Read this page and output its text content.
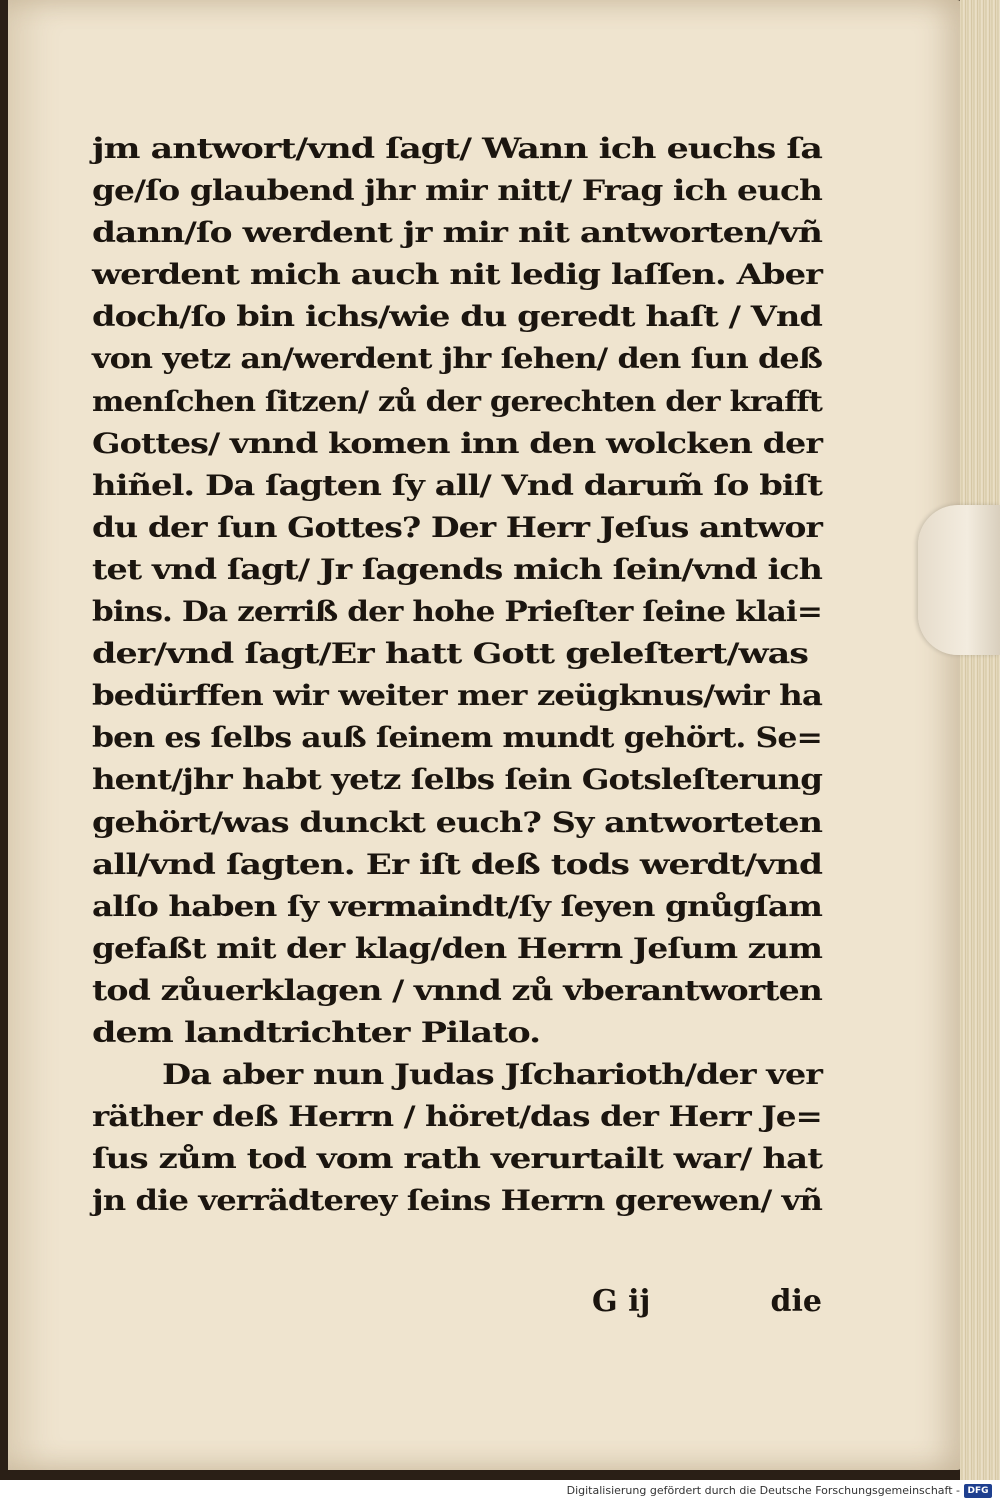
jm antwort/vnd ſagt/ Wann ich euchs ſa
ge/ſo glaubend jhr mir nitt/ Frag ich euch
dann/ſo werdent jr mir nit antworten/vñ
werdent mich auch nit ledig laſſen. Aber
doch/ſo bin ichs/wie du geredt haſt / Vnd
von yetz an/werdent jhr ſehen/ den ſun deß
menſchen ſitzen/ zů der gerechten der krafft
Gottes/ vnnd komen inn den wolcken der
hiñel. Da ſagten ſy all/ Vnd darum̃ ſo biſt
du der ſun Gottes? Der Herr Jeſus antwor
tet vnd ſagt/ Jr ſagends mich ſein/vnd ich
bins. Da zerriß der hohe Prieſter ſeine klai=
der/vnd ſagt/Er hatt Gott geleſtert/was
bedürffen wir weiter mer zeügknus/wir ha
ben es ſelbs auß ſeinem mundt gehört. Se=
hent/jhr habt yetz ſelbs ſein Gotsleſterung
gehört/was dunckt euch? Sy antworteten
all/vnd ſagten. Er iſt deß tods werdt/vnd
alſo haben ſy vermaindt/ſy ſeyen gnůgſam
gefaßt mit der klag/den Herrn Jeſum zum
tod zůuerklagen / vnnd zů vberantworten
dem landtrichter Pilato.
Da aber nun Judas Jſcharioth/der ver
räther deß Herrn / höret/das der Herr Je=
ſus zům tod vom rath verurtailt war/ hat
jn die verrädterey ſeins Herrn gerewen/ vñ
G ij	die
Digitalisierung gefördert durch die Deutsche Forschungsgemeinschaft - DFG
